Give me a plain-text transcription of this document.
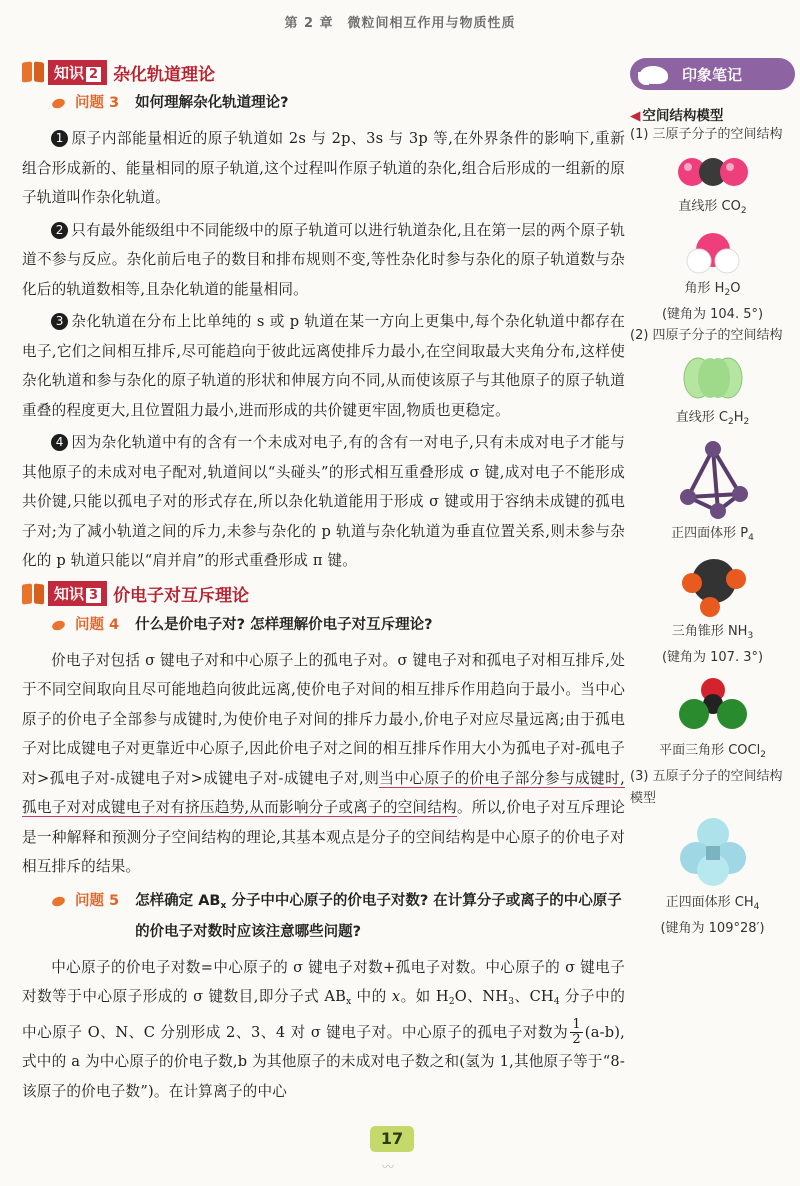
第 2 章　微粒间相互作用与物质性质
知识 2 杂化轨道理论
问题 3 如何理解杂化轨道理论?

1 原子内部能量相近的原子轨道如 2s 与 2p、3s 与 3p 等,在外界条件的影响下,重新组合形成新的、能量相同的原子轨道,这个过程叫作原子轨道的杂化,组合后形成的一组新的原子轨道叫作杂化轨道。

2 只有最外能级组中不同能级中的原子轨道可以进行轨道杂化,且在第一层的两个原子轨道不参与反应。杂化前后电子的数目和排布规则不变,等性杂化时参与杂化的原子轨道数与杂化后的轨道数相等,且杂化轨道的能量相同。

3 杂化轨道在分布上比单纯的 s 或 p 轨道在某一方向上更集中,每个杂化轨道中都存在电子,它们之间相互排斥,尽可能趋向于彼此远离使排斥力最小,在空间取最大夹角分布,这样使杂化轨道和参与杂化的原子轨道的形状和伸展方向不同,从而使该原子与其他原子的原子轨道重叠的程度更大,且位置阻力最小,进而形成的共价键更牢固,物质也更稳定。

4 因为杂化轨道中有的含有一个未成对电子,有的含有一对电子,只有未成对电子才能与其他原子的未成对电子配对,轨道间以“头碰头”的形式相互重叠形成 σ 键,成对电子不能形成共价键,只能以孤电子对的形式存在,所以杂化轨道能用于形成 σ 键或用于容纳未成键的孤电子对;为了减小轨道之间的斥力,未参与杂化的 p 轨道与杂化轨道为垂直位置关系,则未参与杂化的 p 轨道只能以“肩并肩”的形式重叠形成 π 键。

知识 3 价电子对互斥理论
问题 4 什么是价电子对? 怎样理解价电子对互斥理论?

价电子对包括 σ 键电子对和中心原子上的孤电子对。σ 键电子对和孤电子对相互排斥,处于不同空间取向且尽可能地趋向彼此远离,使价电子对间的相互排斥作用趋向于最小。当中心原子的价电子全部参与成键时,为使价电子对间的排斥力最小,价电子对应尽量远离;由于孤电子对比成键电子对更靠近中心原子,因此价电子对之间的相互排斥作用大小为孤电子对-孤电子对>孤电子对-成键电子对>成键电子对-成键电子对,则当中心原子的价电子部分参与成键时,孤电子对对成键电子对有挤压趋势,从而影响分子或离子的空间结构。所以,价电子对互斥理论是一种解释和预测分子空间结构的理论,其基本观点是分子的空间结构是中心原子的价电子对相互排斥的结果。

问题 5 怎样确定 $AB_x$ 分子中中心原子的价电子对数? 在计算分子或离子的中心原子的价电子对数时应该注意哪些问题?

中心原子的价电子对数=中心原子的 σ 键电子对数+孤电子对数。中心原子的 σ 键电子对数等于中心原子形成的 σ 键数目,即分子式 $AB_x$ 中的 x。如 $H_2O$、$NH_3$、$CH_4$ 分子中的中心原子 O、N、C 分别形成 2、3、4 对 σ 键电子对。中心原子的孤电子对数为 $\frac{1}{2} (a-b)$,式中的 a 为中心原子的价电子数,b 为其他原子的未成对电子数之和(氢为 1,其他原子等于“8-该原子的价电子数”)。在计算离子的中心

印象笔记
◀ 空间结构模型
(1) 三原子分子的空间结构
直线形 $CO_2$
角形 $H_2O$
(键角为 104. 5°)
(2) 四原子分子的空间结构
直线形 $C_2H_2$
正四面体形 $P_4$
三角锥形 $NH_3$
(键角为 107. 3°)
平面三角形 COCl$_2$
(3) 五原子分子的空间结构模型
正四面体形 $CH_4$
(键角为 109°28′)
17
〰
